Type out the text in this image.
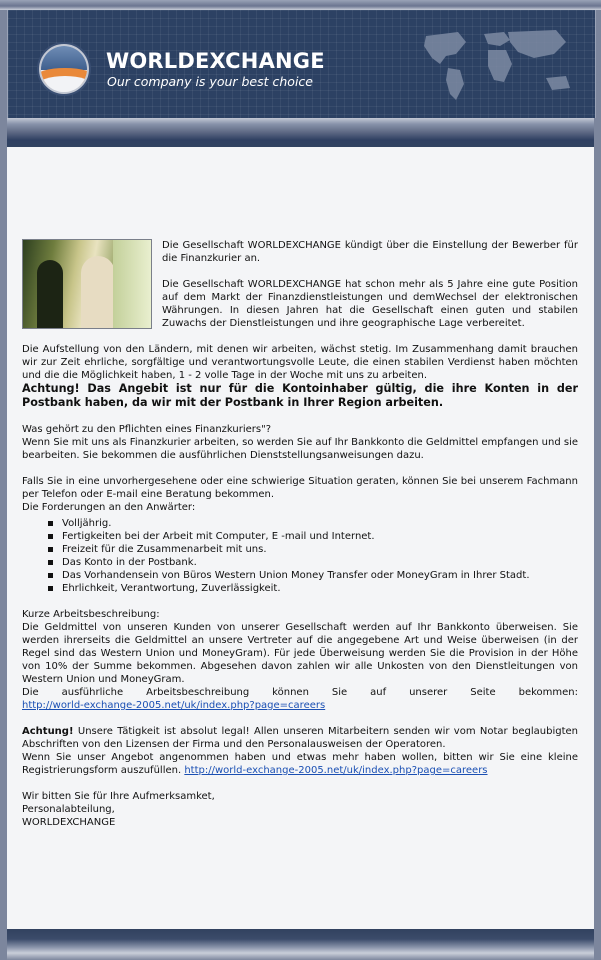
WORLDEXCHANGE
Our company is your best choice

Die Gesellschaft WORLDEXCHANGE kündigt über die Einstellung der Bewerber für die Finanzkurier an.

Die Gesellschaft WORLDEXCHANGE hat schon mehr als 5 Jahre eine gute Position auf dem Markt der Finanzdienstleistungen und demWechsel der elektronischen Währungen. In diesen Jahren hat die Gesellschaft einen guten und stabilen Zuwachs der Dienstleistungen und ihre geographische Lage verbereitet.

Die Aufstellung von den Ländern, mit denen wir arbeiten, wächst stetig. Im Zusammenhang damit brauchen wir zur Zeit ehrliche, sorgfältige und verantwortungsvolle Leute, die einen stabilen Verdienst haben möchten und die die Möglichkeit haben, 1 - 2 volle Tage in der Woche mit uns zu arbeiten.

Achtung! Das Angebit ist nur für die Kontoinhaber gültig, die ihre Konten in der Postbank haben, da wir mit der Postbank in Ihrer Region arbeiten.

Was gehört zu den Pflichten eines Finanzkuriers"?

Wenn Sie mit uns als Finanzkurier arbeiten, so werden Sie auf Ihr Bankkonto die Geldmittel empfangen und sie bearbeiten. Sie bekommen die ausführlichen Dienststellungsanweisungen dazu.

Falls Sie in eine unvorhergesehene oder eine schwierige Situation geraten, können Sie bei unserem Fachmann per Telefon oder E-mail eine Beratung bekommen.

Die Forderungen an den Anwärter:

Volljährig.
Fertigkeiten bei der Arbeit mit Computer, E -mail und Internet.
Freizeit für die Zusammenarbeit mit uns.
Das Konto in der Postbank.
Das Vorhandensein von Büros Western Union Money Transfer oder MoneyGram in Ihrer Stadt.
Ehrlichkeit, Verantwortung, Zuverlässigkeit.

Kurze Arbeitsbeschreibung:

Die Geldmittel von unseren Kunden von unserer Gesellschaft werden auf Ihr Bankkonto überweisen. Sie werden ihrerseits die Geldmittel an unsere Vertreter auf die angegebene Art und Weise überweisen (in der Regel sind das Western Union und MoneyGram). Für jede Überweisung werden Sie die Provision in der Höhe von 10% der Summe bekommen. Abgesehen davon zahlen wir alle Unkosten von den Dienstleitungen von Western Union und MoneyGram.

Die ausführliche Arbeitsbeschreibung können Sie auf unserer Seite bekommen:

http://world-exchange-2005.net/uk/index.php?page=careers

Achtung! Unsere Tätigkeit ist absolut legal! Allen unseren Mitarbeitern senden wir vom Notar beglaubigten Abschriften von den Lizensen der Firma und den Personalausweisen der Operatoren.

Wenn Sie unser Angebot angenommen haben und etwas mehr haben wollen, bitten wir Sie eine kleine Registrierungsform auszufüllen. http://world-exchange-2005.net/uk/index.php?page=careers

Wir bitten Sie für Ihre Aufmerksamket,

Personalabteilung,

WORLDEXCHANGE
